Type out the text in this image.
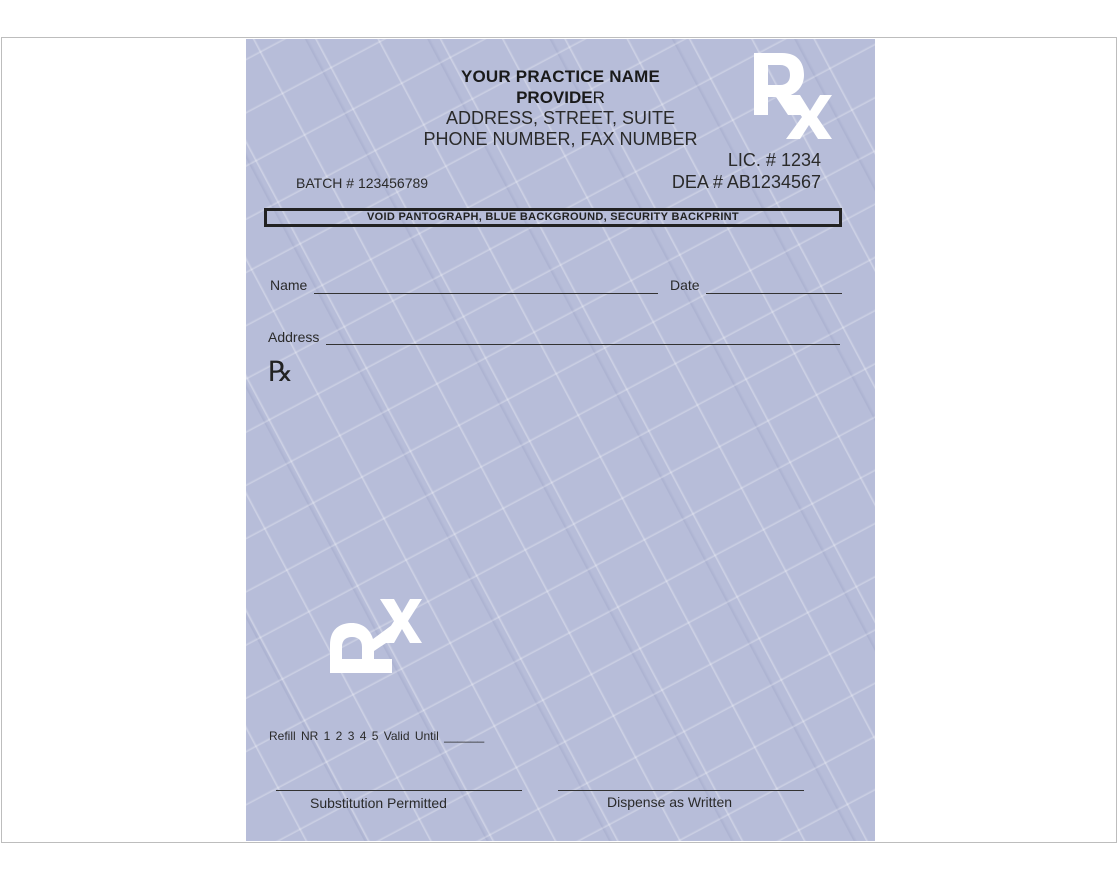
YOUR PRACTICE NAME
PROVIDER
ADDRESS, STREET, SUITE
PHONE NUMBER, FAX NUMBER
LIC. # 1234
DEA # AB1234567
BATCH # 123456789
VOID PANTOGRAPH, BLUE BACKGROUND, SECURITY BACKPRINT
Name	Date
Address
℞
Refill NR 1 2 3 4 5 Valid Until ______
Substitution Permitted	Dispense as Written
